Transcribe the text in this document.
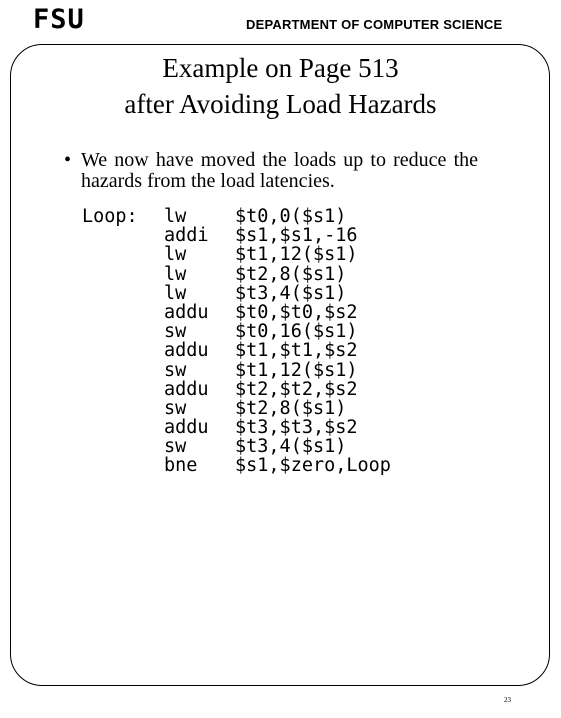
FSU	DEPARTMENT OF COMPUTER SCIENCE
Example on Page 513
after Avoiding Load Hazards
• We now have moved the loads up to reduce the hazards from the load latencies.
Loop:	lw	$t0,0($s1)
addi	$s1,$s1,-16
lw	$t1,12($s1)
lw	$t2,8($s1)
lw	$t3,4($s1)
addu	$t0,$t0,$s2
sw	$t0,16($s1)
addu	$t1,$t1,$s2
sw	$t1,12($s1)
addu	$t2,$t2,$s2
sw	$t2,8($s1)
addu	$t3,$t3,$s2
sw	$t3,4($s1)
bne	$s1,$zero,Loop
23
